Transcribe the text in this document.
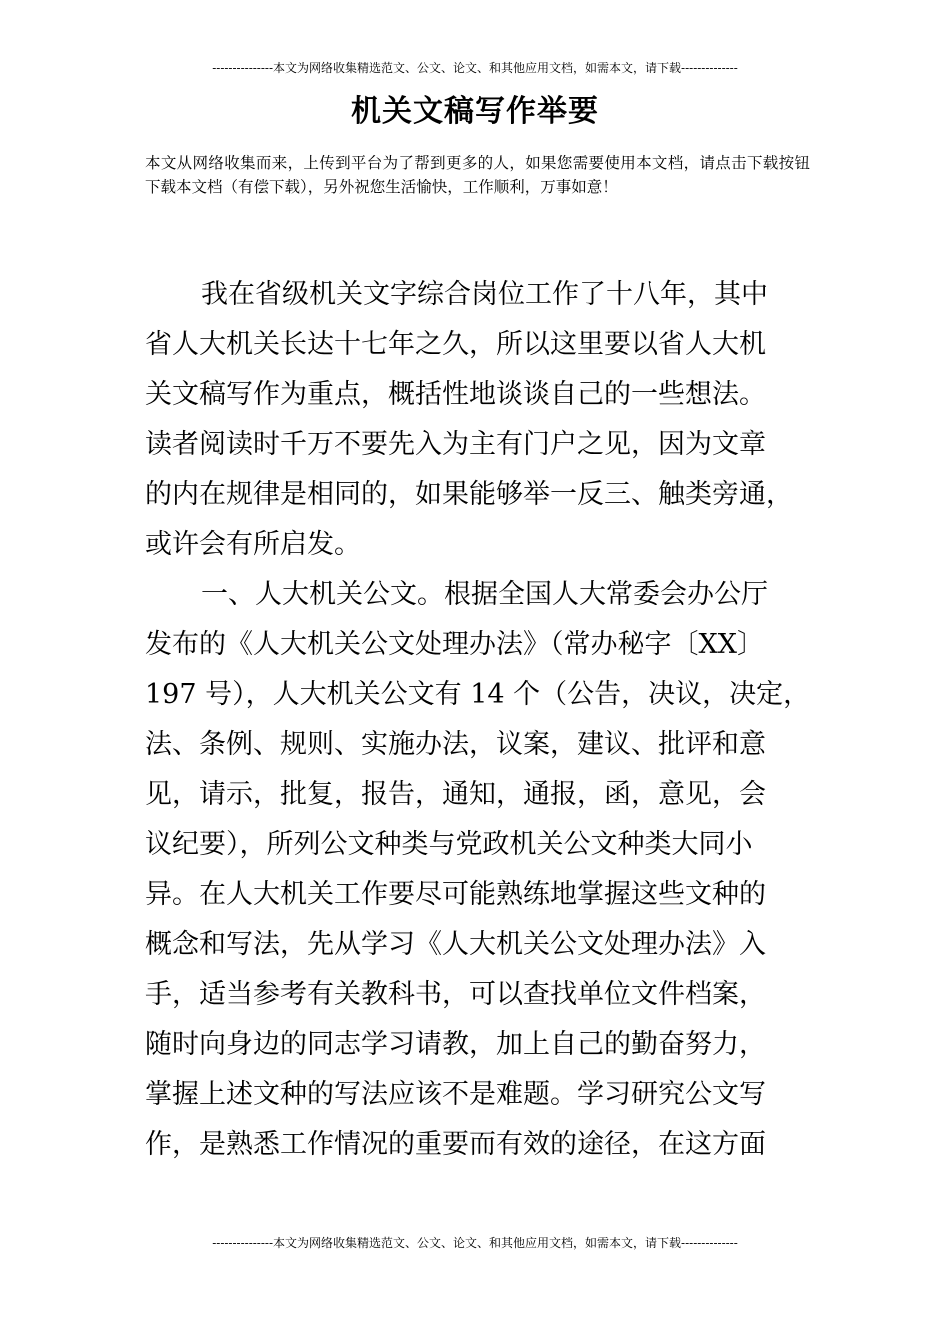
---------------本文为网络收集精选范文、公文、论文、和其他应用文档，如需本文，请下载--------------
机关文稿写作举要
本文从网络收集而来，上传到平台为了帮到更多的人，如果您需要使用本文档，请点击下载按钮下载本文档（有偿下载），另外祝您生活愉快，工作顺利，万事如意！
我在省级机关文字综合岗位工作了十八年，其中
省人大机关长达十七年之久，所以这里要以省人大机
关文稿写作为重点，概括性地谈谈自己的一些想法。
读者阅读时千万不要先入为主有门户之见，因为文章
的内在规律是相同的，如果能够举一反三、触类旁通，
或许会有所启发。
一、人大机关公文。根据全国人大常委会办公厅
发布的《人大机关公文处理办法》（常办秘字〔XX〕
197 号），人大机关公文有 14 个（公告，决议，决定，
法、条例、规则、实施办法，议案，建议、批评和意
见，请示，批复，报告，通知，通报，函，意见，会
议纪要），所列公文种类与党政机关公文种类大同小
异。在人大机关工作要尽可能熟练地掌握这些文种的
概念和写法，先从学习《人大机关公文处理办法》入
手，适当参考有关教科书，可以查找单位文件档案，
随时向身边的同志学习请教，加上自己的勤奋努力，
掌握上述文种的写法应该不是难题。学习研究公文写
作，是熟悉工作情况的重要而有效的途径，在这方面
---------------本文为网络收集精选范文、公文、论文、和其他应用文档，如需本文，请下载--------------
